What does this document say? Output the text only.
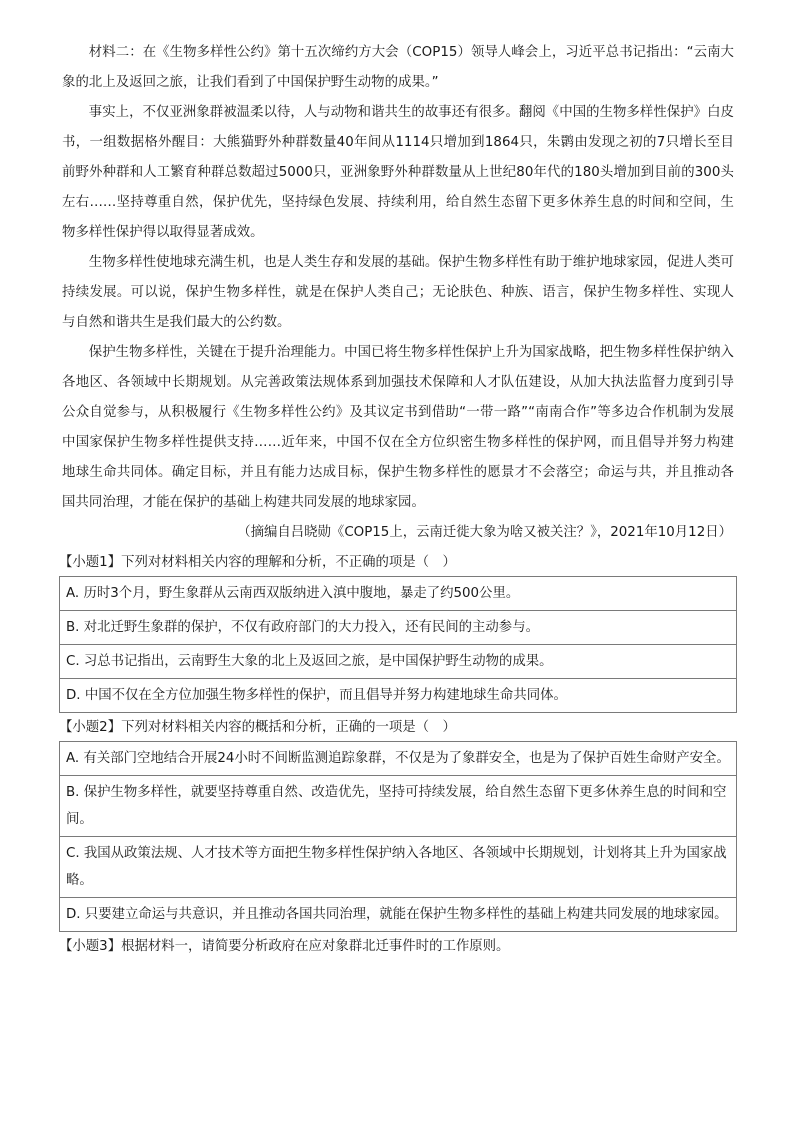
材料二：在《生物多样性公约》第十五次缔约方大会（COP15）领导人峰会上，习近平总书记指出：“云南大象的北上及返回之旅，让我们看到了中国保护野生动物的成果。”

事实上，不仅亚洲象群被温柔以待，人与动物和谐共生的故事还有很多。翻阅《中国的生物多样性保护》白皮书，一组数据格外醒目：大熊猫野外种群数量40年间从1114只增加到1864只，朱鹮由发现之初的7只增长至目前野外种群和人工繁育种群总数超过5000只，亚洲象野外种群数量从上世纪80年代的180头增加到目前的300头左右……坚持尊重自然，保护优先，坚持绿色发展、持续利用，给自然生态留下更多休养生息的时间和空间，生物多样性保护得以取得显著成效。

生物多样性使地球充满生机，也是人类生存和发展的基础。保护生物多样性有助于维护地球家园，促进人类可持续发展。可以说，保护生物多样性，就是在保护人类自己；无论肤色、种族、语言，保护生物多样性、实现人与自然和谐共生是我们最大的公约数。

保护生物多样性，关键在于提升治理能力。中国已将生物多样性保护上升为国家战略，把生物多样性保护纳入各地区、各领域中长期规划。从完善政策法规体系到加强技术保障和人才队伍建设，从加大执法监督力度到引导公众自觉参与，从积极履行《生物多样性公约》及其议定书到借助“一带一路”“南南合作”等多边合作机制为发展中国家保护生物多样性提供支持……近年来，中国不仅在全方位织密生物多样性的保护网，而且倡导并努力构建地球生命共同体。确定目标，并且有能力达成目标，保护生物多样性的愿景才不会落空；命运与共，并且推动各国共同治理，才能在保护的基础上构建共同发展的地球家园。

（摘编自吕晓勋《COP15上，云南迁徙大象为啥又被关注？》，2021年10月12日）

【小题1】下列对材料相关内容的理解和分析，不正确的项是（　）

A. 历时3个月，野生象群从云南西双版纳进入滇中腹地，暴走了约500公里。
B. 对北迁野生象群的保护，不仅有政府部门的大力投入，还有民间的主动参与。
C. 习总书记指出，云南野生大象的北上及返回之旅，是中国保护野生动物的成果。
D. 中国不仅在全方位加强生物多样性的保护，而且倡导并努力构建地球生命共同体。

【小题2】下列对材料相关内容的概括和分析，正确的一项是（　）

A. 有关部门空地结合开展24小时不间断监测追踪象群，不仅是为了象群安全，也是为了保护百姓生命财产安全。
B. 保护生物多样性，就要坚持尊重自然、改造优先，坚持可持续发展，给自然生态留下更多休养生息的时间和空间。
C. 我国从政策法规、人才技术等方面把生物多样性保护纳入各地区、各领域中长期规划，计划将其上升为国家战略。
D. 只要建立命运与共意识，并且推动各国共同治理，就能在保护生物多样性的基础上构建共同发展的地球家园。

【小题3】根据材料一，请简要分析政府在应对象群北迁事件时的工作原则。
